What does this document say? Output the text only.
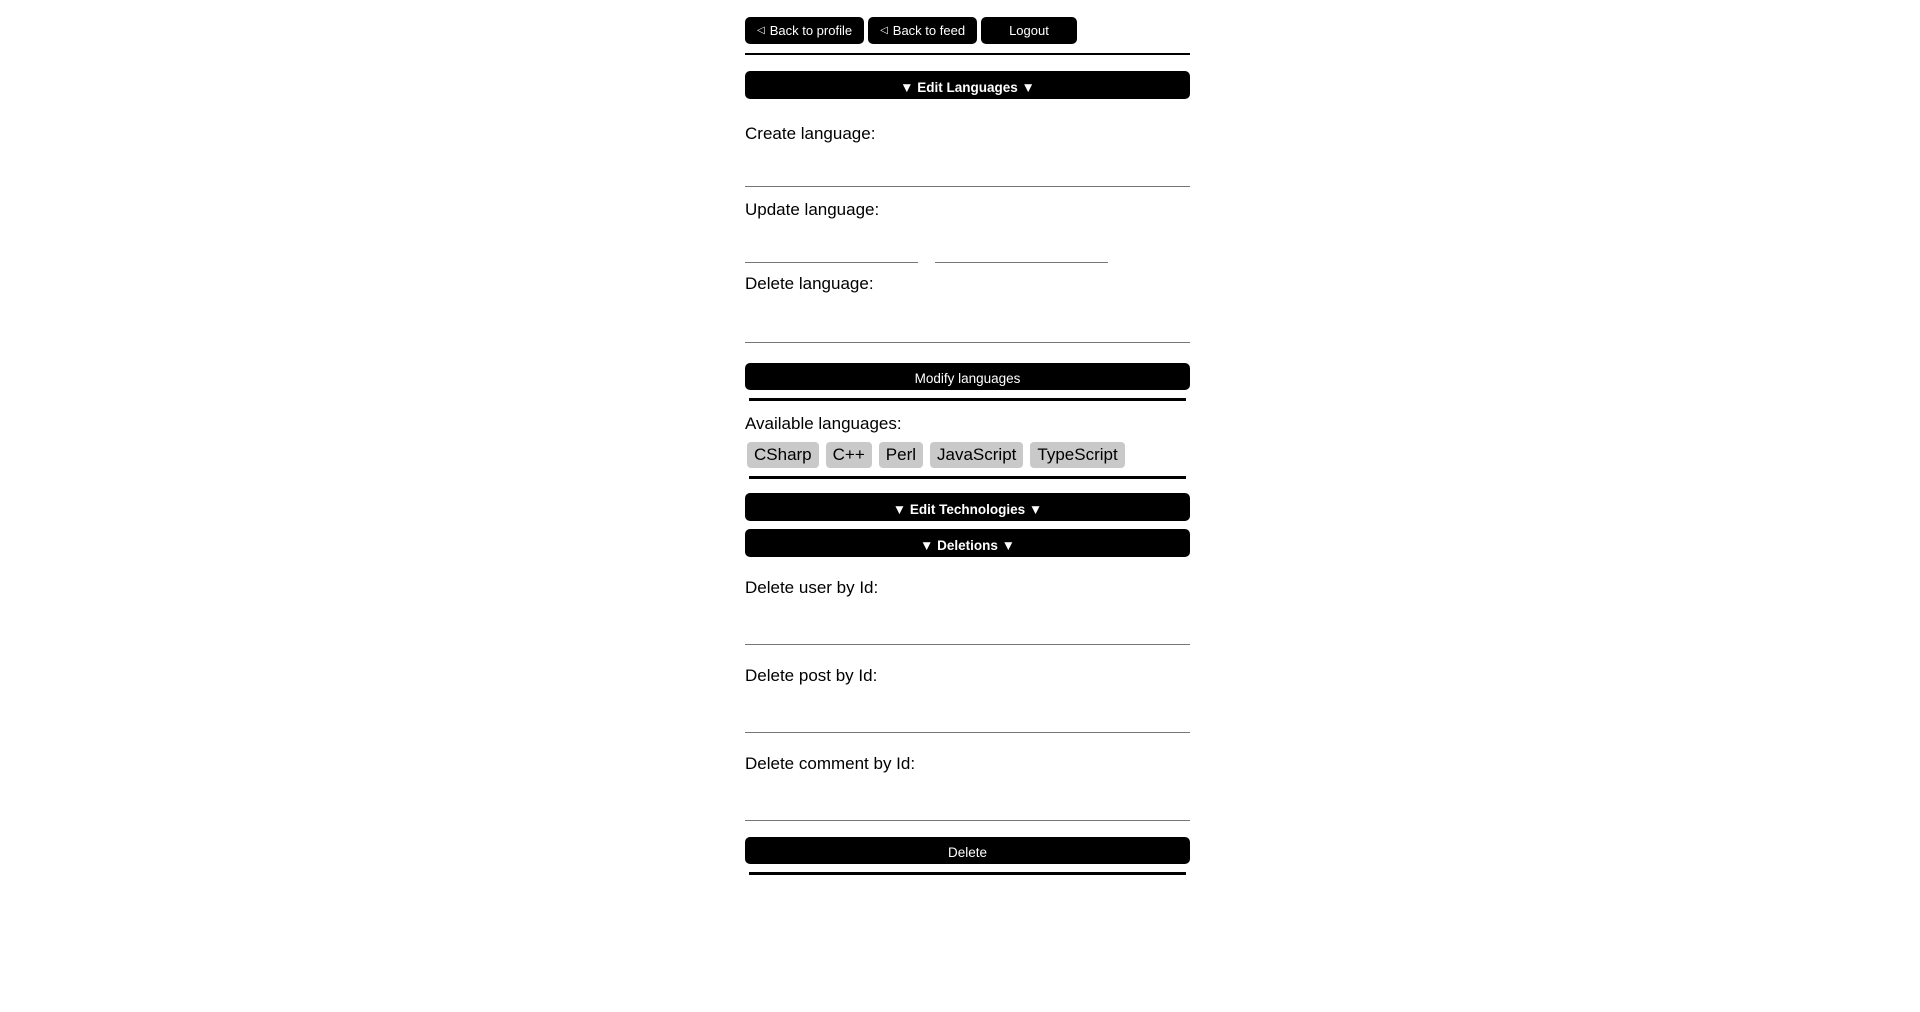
◁ Back to profile	◁ Back to feed	Logout
▼ Edit Languages ▼
Create language:
Update language:
Delete language:
Modify languages
Available languages:
CSharp	C++	Perl	JavaScript	TypeScript
▼ Edit Technologies ▼
▼ Deletions ▼
Delete user by Id:
Delete post by Id:
Delete comment by Id:
Delete
